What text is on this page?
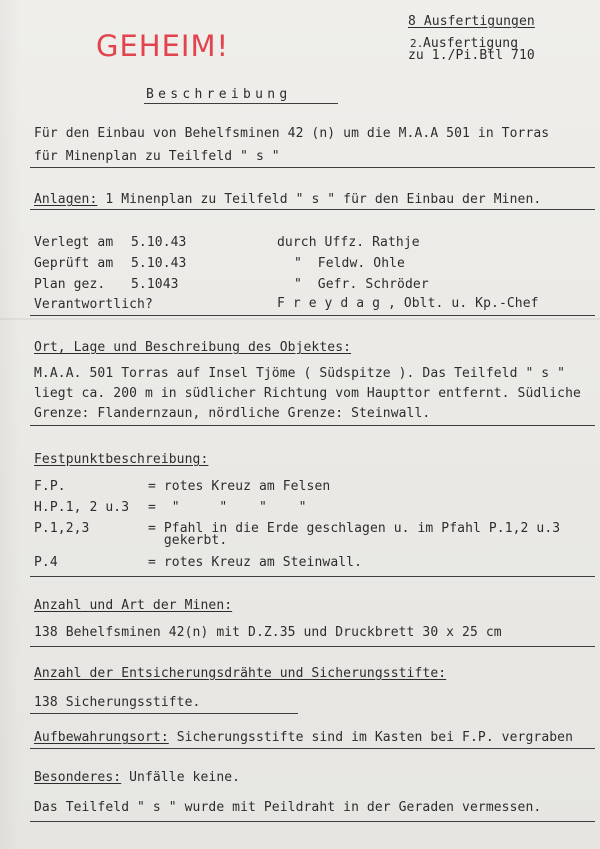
8 Ausfertigungen
2. Ausfertigung
zu 1./Pi.Btl 710
GEHEIM!
Beschreibung
Für den Einbau von Behelfsminen 42 (n) um die M.A.A 501 in Torras
für Minenplan zu Teilfeld " s "
Anlagen: 1 Minenplan zu Teilfeld " s " für den Einbau der Minen.
Verlegt am 5.10.43	durch Uffz. Rathje
Geprüft am 5.10.43	"  Feldw. Ohle
Plan gez. 5.1043	"  Gefr. Schröder
Verantwortlich?	F r e y d a g , Oblt. u. Kp.-Chef
Ort, Lage und Beschreibung des Objektes:
M.A.A. 501 Torras auf Insel Tjöme ( Südspitze ). Das Teilfeld " s "
liegt ca. 200 m in südlicher Richtung vom Haupttor entfernt. Südliche
Grenze: Flandernzaun, nördliche Grenze: Steinwall.
Festpunktbeschreibung:
F.P.	= rotes Kreuz am Felsen
H.P.1, 2 u.3 =  "     "    "    "
P.1,2,3	= Pfahl in die Erde geschlagen u. im Pfahl P.1,2 u.3
gekerbt.
P.4	= rotes Kreuz am Steinwall.
Anzahl und Art der Minen:
138 Behelfsminen 42(n) mit D.Z.35 und Druckbrett 30 x 25 cm
Anzahl der Entsicherungsdrähte und Sicherungsstifte:
138 Sicherungsstifte.
Aufbewahrungsort: Sicherungsstifte sind im Kasten bei F.P. vergraben
Besonderes: Unfälle keine.
Das Teilfeld " s " wurde mit Peildraht in der Geraden vermessen.
